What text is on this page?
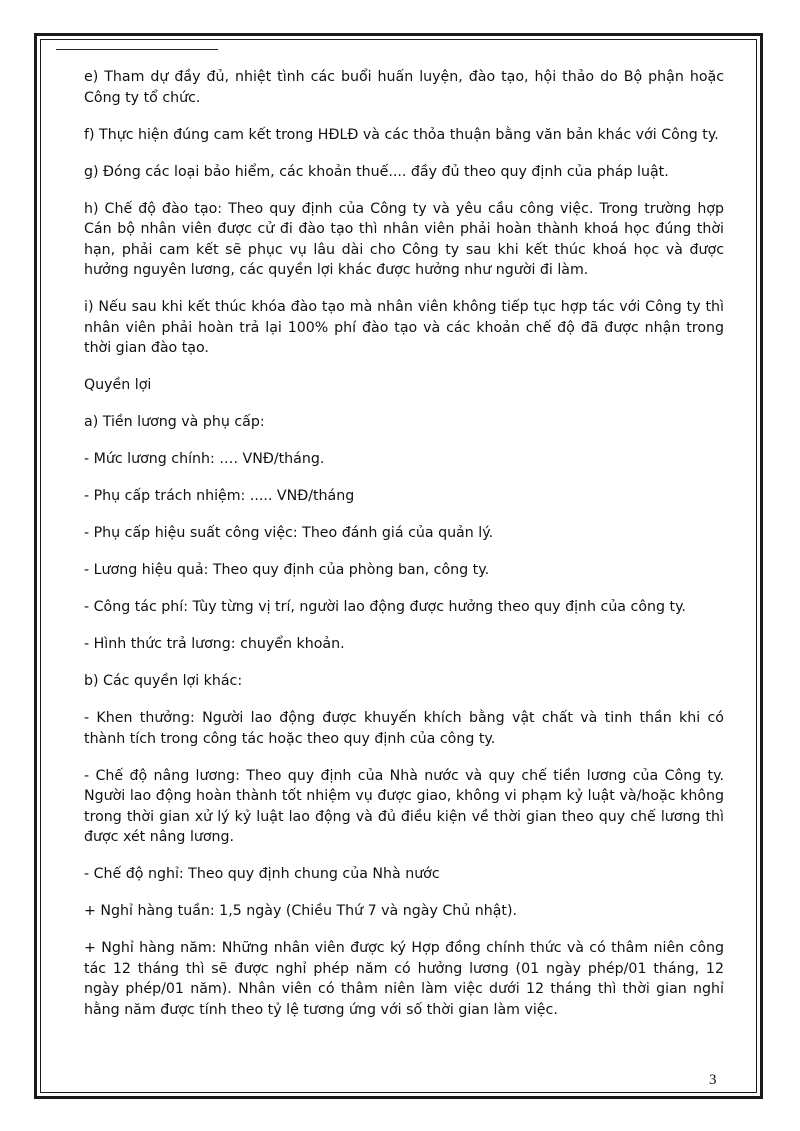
e) Tham dự đầy đủ, nhiệt tình các buổi huấn luyện, đào tạo, hội thảo do Bộ phận hoặc Công ty tổ chức.

f) Thực hiện đúng cam kết trong HĐLĐ và các thỏa thuận bằng văn bản khác với Công ty.

g) Đóng các loại bảo hiểm, các khoản thuế.... đầy đủ theo quy định của pháp luật.

h) Chế độ đào tạo: Theo quy định của Công ty và yêu cầu công việc. Trong trường hợp Cán bộ nhân viên được cử đi đào tạo thì nhân viên phải hoàn thành khoá học đúng thời hạn, phải cam kết sẽ phục vụ lâu dài cho Công ty sau khi kết thúc khoá học và được hưởng nguyên lương, các quyền lợi khác được hưởng như người đi làm.

i) Nếu sau khi kết thúc khóa đào tạo mà nhân viên không tiếp tục hợp tác với Công ty thì nhân viên phải hoàn trả lại 100% phí đào tạo và các khoản chế độ đã được nhận trong thời gian đào tạo.

Quyền lợi

a) Tiền lương và phụ cấp:

- Mức lương chính: …. VNĐ/tháng.

- Phụ cấp trách nhiệm: ..... VNĐ/tháng

- Phụ cấp hiệu suất công việc: Theo đánh giá của quản lý.

- Lương hiệu quả: Theo quy định của phòng ban, công ty.

- Công tác phí: Tùy từng vị trí, người lao động được hưởng theo quy định của công ty.

- Hình thức trả lương: chuyển khoản.

b) Các quyền lợi khác:

- Khen thưởng: Người lao động được khuyến khích bằng vật chất và tinh thần khi có thành tích trong công tác hoặc theo quy định của công ty.

- Chế độ nâng lương: Theo quy định của Nhà nước và quy chế tiền lương của Công ty. Người lao động hoàn thành tốt nhiệm vụ được giao, không vi phạm kỷ luật và/hoặc không trong thời gian xử lý kỷ luật lao động và đủ điều kiện về thời gian theo quy chế lương thì được xét nâng lương.

- Chế độ nghỉ: Theo quy định chung của Nhà nước

+ Nghỉ hàng tuần: 1,5 ngày (Chiều Thứ 7 và ngày Chủ nhật).

+ Nghỉ hàng năm: Những nhân viên được ký Hợp đồng chính thức và có thâm niên công tác 12 tháng thì sẽ được nghỉ phép năm có hưởng lương (01 ngày phép/01 tháng, 12 ngày phép/01 năm). Nhân viên có thâm niên làm việc dưới 12 tháng thì thời gian nghỉ hằng năm được tính theo tỷ lệ tương ứng với số thời gian làm việc.

3
